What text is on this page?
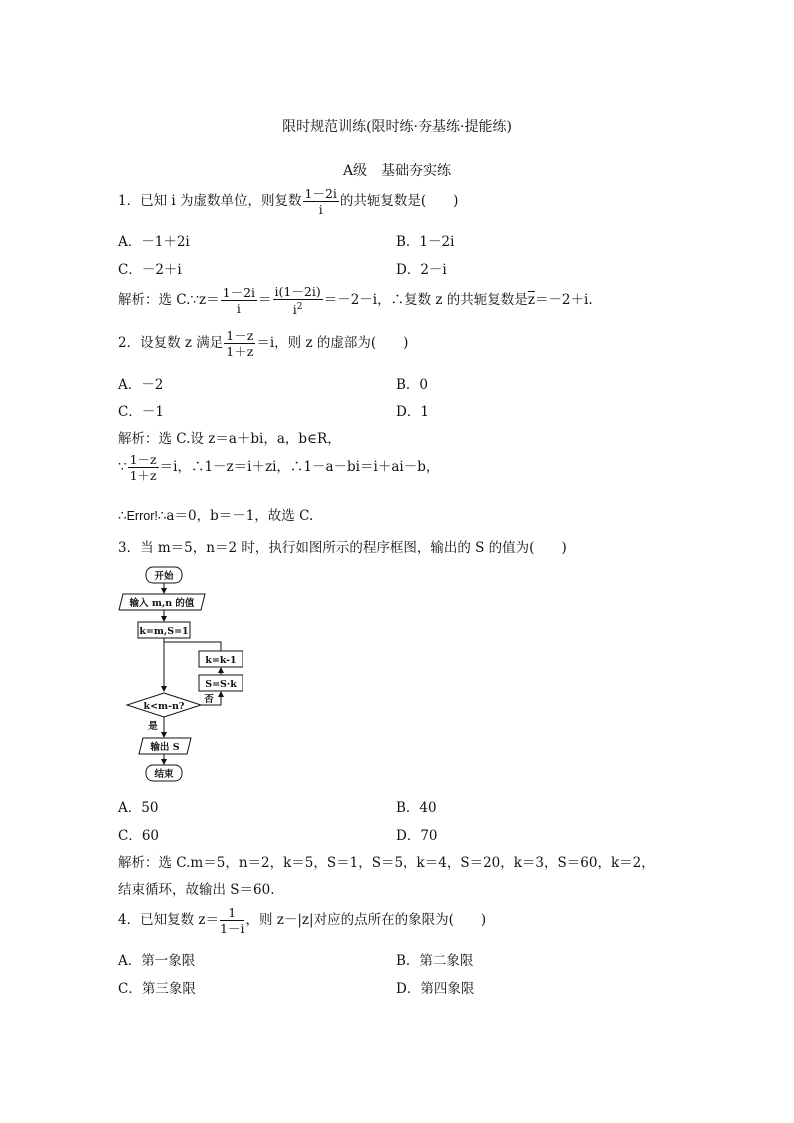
限时规范训练(限时练·夯基练·提能练)
A级　基础夯实练
1．已知 i 为虚数单位，则复数 $\frac{1-2i}{i}$ 的共轭复数是(　　)
A．－1＋2i	B．1－2i
C．－2＋i	D．2－i
解析：选 C.∵z＝ $\frac{1-2i}{i} = \frac{i(1-2i)}{i^2} =-2-i$，∴复数 z 的共轭复数是$\overline{z}=-2+i$.
2．设复数 z 满足 $\frac{1-z}{1+z} =i$，则 z 的虚部为(　　)
A．－2	B．0
C．－1	D．1
解析：选 C.设 z＝a＋bi，a，b∈R，
∵ $\frac{1-z}{1+z} =i$，∴1－z＝i＋zi，∴1－a－bi＝i＋ai－b，
∴Error!∴a＝0，b＝－1，故选 C.
3．当 m＝5，n＝2 时，执行如图所示的程序框图，输出的 S 的值为(　　)
开始
输入 m,n 的值
k=m,S=1
k=k-1
S=S·k
k<m-n?
否
是
输出 S
结束
A．50	B．40
C．60	D．70
解析：选 C.m＝5，n＝2，k＝5，S＝1，S＝5，k＝4，S＝20，k＝3，S＝60，k＝2，
结束循环，故输出 S＝60.
4．已知复数 $z= \frac{1}{1-i}$ ，则 z－|z|对应的点所在的象限为(　　)
A．第一象限	B．第二象限
C．第三象限	D．第四象限
